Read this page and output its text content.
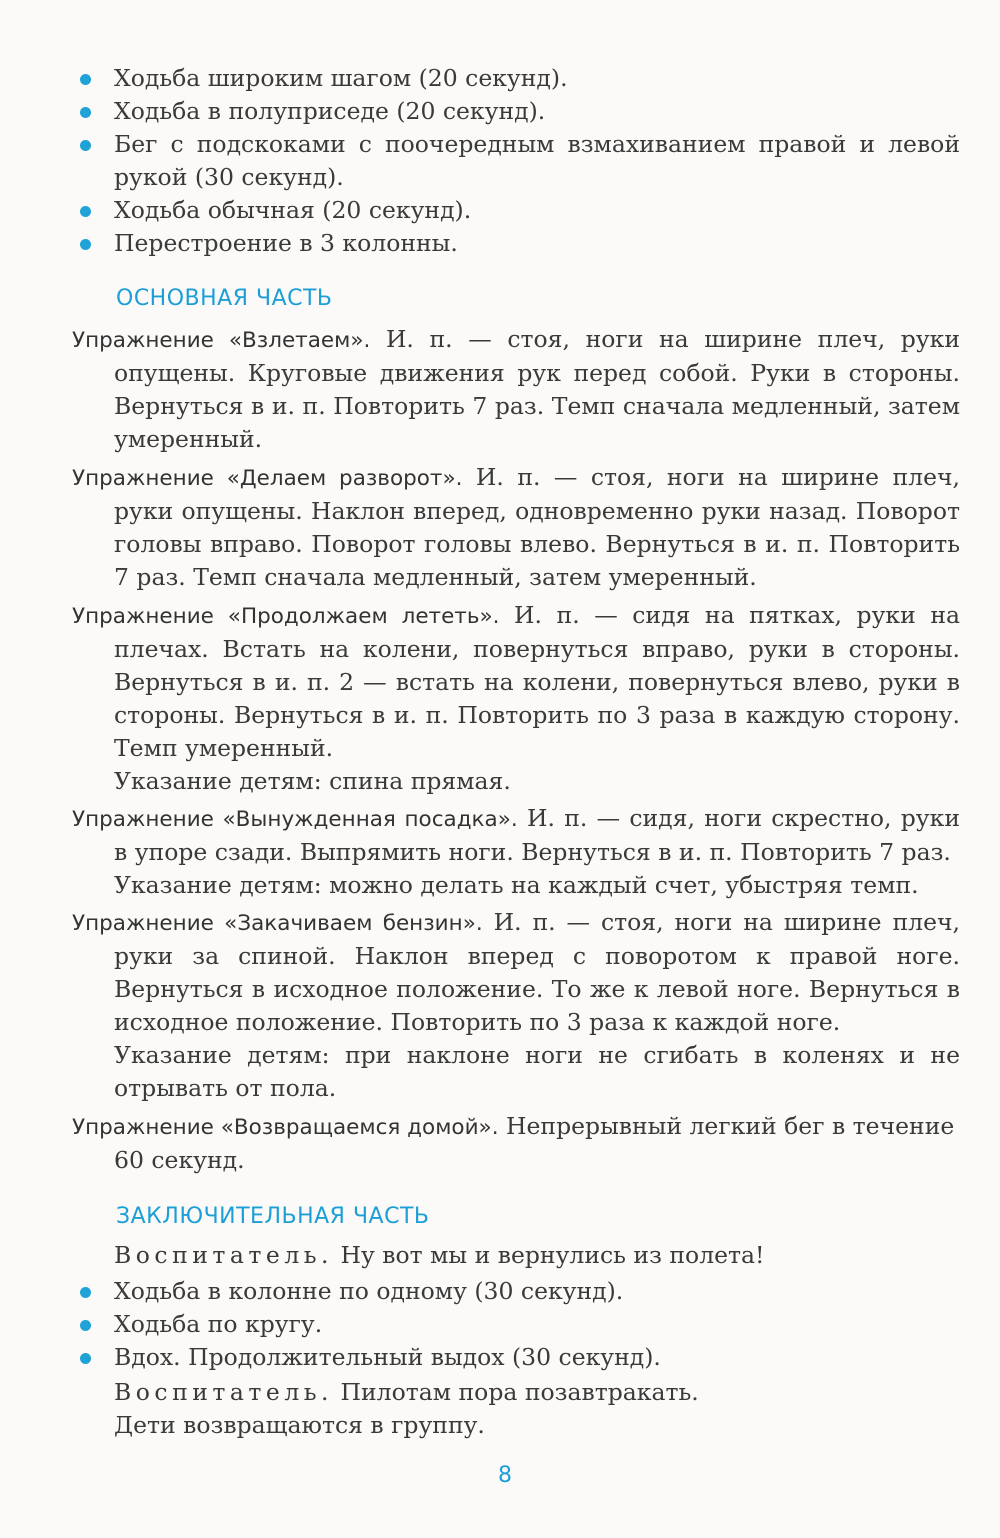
Ходьба широким шагом (20 секунд).
Ходьба в полуприседе (20 секунд).
Бег с подскоками с поочередным взмахиванием правой и левой рукой (30 секунд).
Ходьба обычная (20 секунд).
Перестроение в 3 колонны.
ОСНОВНАЯ ЧАСТЬ
Упражнение «Взлетаем». И. п. — стоя, ноги на ширине плеч, руки опущены. Круговые движения рук перед собой. Руки в стороны. Вернуться в и. п. Повторить 7 раз. Темп сначала медленный, затем умеренный.
Упражнение «Делаем разворот». И. п. — стоя, ноги на ширине плеч, руки опущены. Наклон вперед, одновременно руки назад. Поворот головы вправо. Поворот головы влево. Вернуться в и. п. Повторить 7 раз. Темп сначала медленный, затем умеренный.
Упражнение «Продолжаем лететь». И. п. — сидя на пятках, руки на плечах. Встать на колени, повернуться вправо, руки в стороны. Вернуться в и. п. 2 — встать на колени, повернуться влево, руки в стороны. Вернуться в и. п. Повторить по 3 раза в каждую сторону. Темп умеренный.
Указание детям: спина прямая.
Упражнение «Вынужденная посадка». И. п. — сидя, ноги скрестно, руки в упоре сзади. Выпрямить ноги. Вернуться в и. п. Повторить 7 раз.
Указание детям: можно делать на каждый счет, убыстряя темп.
Упражнение «Закачиваем бензин». И. п. — стоя, ноги на ширине плеч, руки за спиной. Наклон вперед с поворотом к правой ноге. Вернуться в исходное положение. То же к левой ноге. Вернуться в исходное положение. Повторить по 3 раза к каждой ноге.
Указание детям: при наклоне ноги не сгибать в коленях и не отрывать от пола.
Упражнение «Возвращаемся домой». Непрерывный легкий бег в течение 60 секунд.
ЗАКЛЮЧИТЕЛЬНАЯ ЧАСТЬ

Воспитатель. Ну вот мы и вернулись из полета!

Ходьба в колонне по одному (30 секунд).
Ходьба по кругу.
Вдох. Продолжительный выдох (30 секунд).

Воспитатель. Пилотам пора позавтракать.

Дети возвращаются в группу.

8
